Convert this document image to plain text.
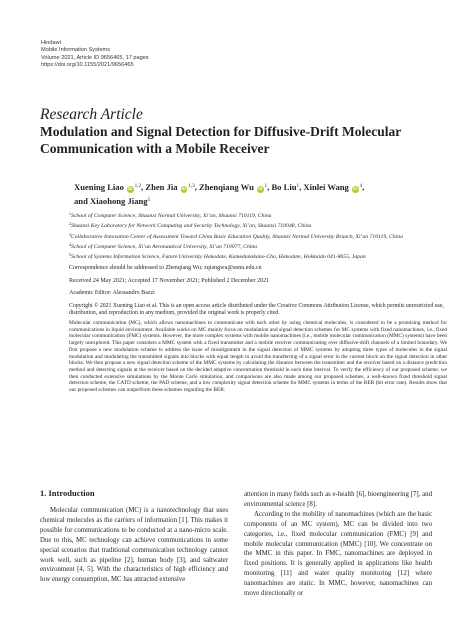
Hindawi
Mobile Information Systems
Volume 2021, Article ID 9656465, 17 pages
https://doi.org/10.1155/2021/9656465
Research Article
Modulation and Signal Detection for Diffusive-Drift Molecular Communication with a Mobile Receiver
Xuening Liao iD $^{1,2}$, Zhen Jia iD $^{1,3}$, Zhenqiang Wu iD $^1$, Bo Liu$^1$, Xinlei Wang iD $^4$,
and Xiaohong Jiang$^5$
$^1$School of Computer Science, Shaanxi Normal University, Xi’an, Shaanxi 710119, China
$^2$Shaanxi Key Laboratory for Network Computing and Security Technology, Xi’an, Shaanxi 710048, China
$^3$Collaborative Innovation Center of Assessment Toward China Basic Education Quality, Shaanxi Normal University Branch, Xi’an 710119, China
$^4$School of Computer Science, Xi’an Aeronautical University, Xi’an 710077, China
$^5$School of Systems Information Science, Future University Hakodate, Kamedanakano-Cho, Hakodate, Hokkaido 041-8655, Japan
Correspondence should be addressed to Zhenqiang Wu; zqiangwu@snnu.edu.cn
Received 24 May 2021; Accepted 17 November 2021; Published 2 December 2021
Academic Editor: Alessandro Bazzi
Copyright © 2021 Xuening Liao et al. This is an open access article distributed under the Creative Commons Attribution License, which permits unrestricted use, distribution, and reproduction in any medium, provided the original work is properly cited.
Molecular communication (MC), which allows nanomachines to communicate with each other by using chemical molecules, is considered to be a promising method for communications in liquid environment. Available works on MC mainly focus on modulation and signal detection schemes for MC systems with fixed nanomachines, i.e., fixed molecular communication (FMC) systems. However, the more complex systems with mobile nanomachines (i.e., mobile molecular communication (MMC) systems) have been largely unexplored. This paper considers a MMC system with a fixed transmitter and a mobile receiver communicating over diffusive-drift channels of a limited boundary. We first propose a new modulation scheme to address the issue of misalignment in the signal detection of MMC systems by adopting three types of molecules in the signal modulation and modulating the transmitted signals into blocks with equal length to avoid the transferring of a signal error in the current block on the signal detection in other blocks. We then propose a new signal detection scheme of the MMC systems by calculating the distance between the transmitter and the receiver based on a distance prediction method and detecting signals at the receiver based on the decided adaptive concentration threshold in each time interval. To verify the efficiency of our proposed scheme, we then conducted extensive simulations by the Monte Carlo simulation, and comparisons are also made among our proposed schemes, a well-known fixed threshold signal detection scheme, the CATD scheme, the PAD scheme, and a low complexity signal detection scheme for MMC systems in terms of the BER (bit error rate). Results show that our proposed schemes can outperform these schemes regarding the BER.
1. Introduction

Molecular communication (MC) is a nanotechnology that uses chemical molecules as the carriers of information [1]. This makes it possible for communications to be conducted at a nano-micro scale. Due to this, MC technology can achieve communications in some special scenarios that traditional communication technology cannot work well, such as pipeline [2], human body [3], and saltwater environment [4, 5]. With the characteristics of high efficiency and low energy consumption, MC has attracted extensive

attention in many fields such as e-health [6], bioengineering [7], and environmental science [8].

According to the mobility of nanomachines (which are the basic components of an MC system), MC can be divided into two categories, i.e., fixed molecular communication (FMC) [9] and mobile molecular communication (MMC) [10]. We concentrate on the MMC in this paper. In FMC, nanomachines are deployed in fixed positions. It is generally applied in applications like health monitoring [11] and water quality monitoring [12] where nanomachines are static. In MMC, however, nanomachines can move directionally or
